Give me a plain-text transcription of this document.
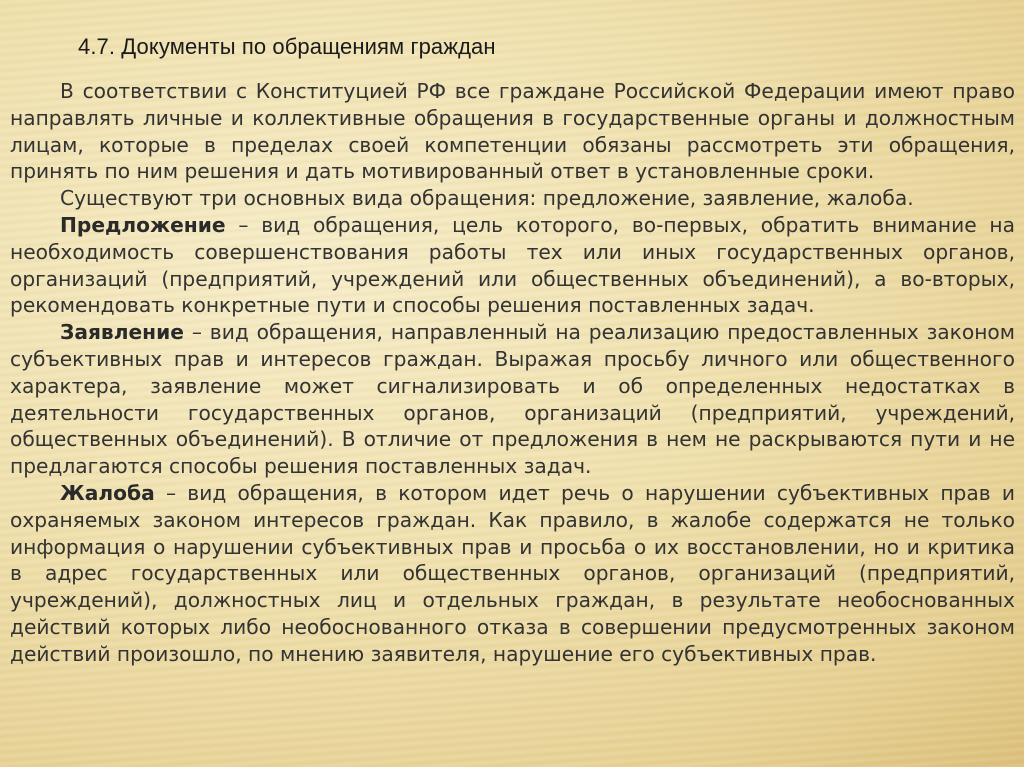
4.7. Документы по обращениям граждан

В соответствии с Конституцией РФ все граждане Российской Федерации имеют право направлять личные и коллективные обращения в государственные органы и должностным лицам, которые в пределах своей компетенции обязаны рассмотреть эти обращения, принять по ним решения и дать мотивированный ответ в установленные сроки.

Существуют три основных вида обращения: предложение, заявление, жалоба.

Предложение – вид обращения, цель которого, во-первых, обратить внимание на необходимость совершенствования работы тех или иных государственных органов, организаций (предприятий, учреждений или общественных объединений), а во-вторых, рекомендовать конкретные пути и способы решения поставленных задач.

Заявление – вид обращения, направленный на реализацию предоставленных законом субъективных прав и интересов граждан. Выражая просьбу личного или общественного характера, заявление может сигнализировать и об определенных недостатках в деятельности государственных органов, организаций (предприятий, учреждений, общественных объединений). В отличие от предложения в нем не раскрываются пути и не предлагаются способы решения поставленных задач.

Жалоба – вид обращения, в котором идет речь о нарушении субъективных прав и охраняемых законом интересов граждан. Как правило, в жалобе содержатся не только информация о нарушении субъективных прав и просьба о их восстановлении, но и критика в адрес государственных или общественных органов, организаций (предприятий, учреждений), должностных лиц и отдельных граждан, в результате необоснованных действий которых либо необоснованного отказа в совершении предусмотренных законом действий произошло, по мнению заявителя, нарушение его субъективных прав.
